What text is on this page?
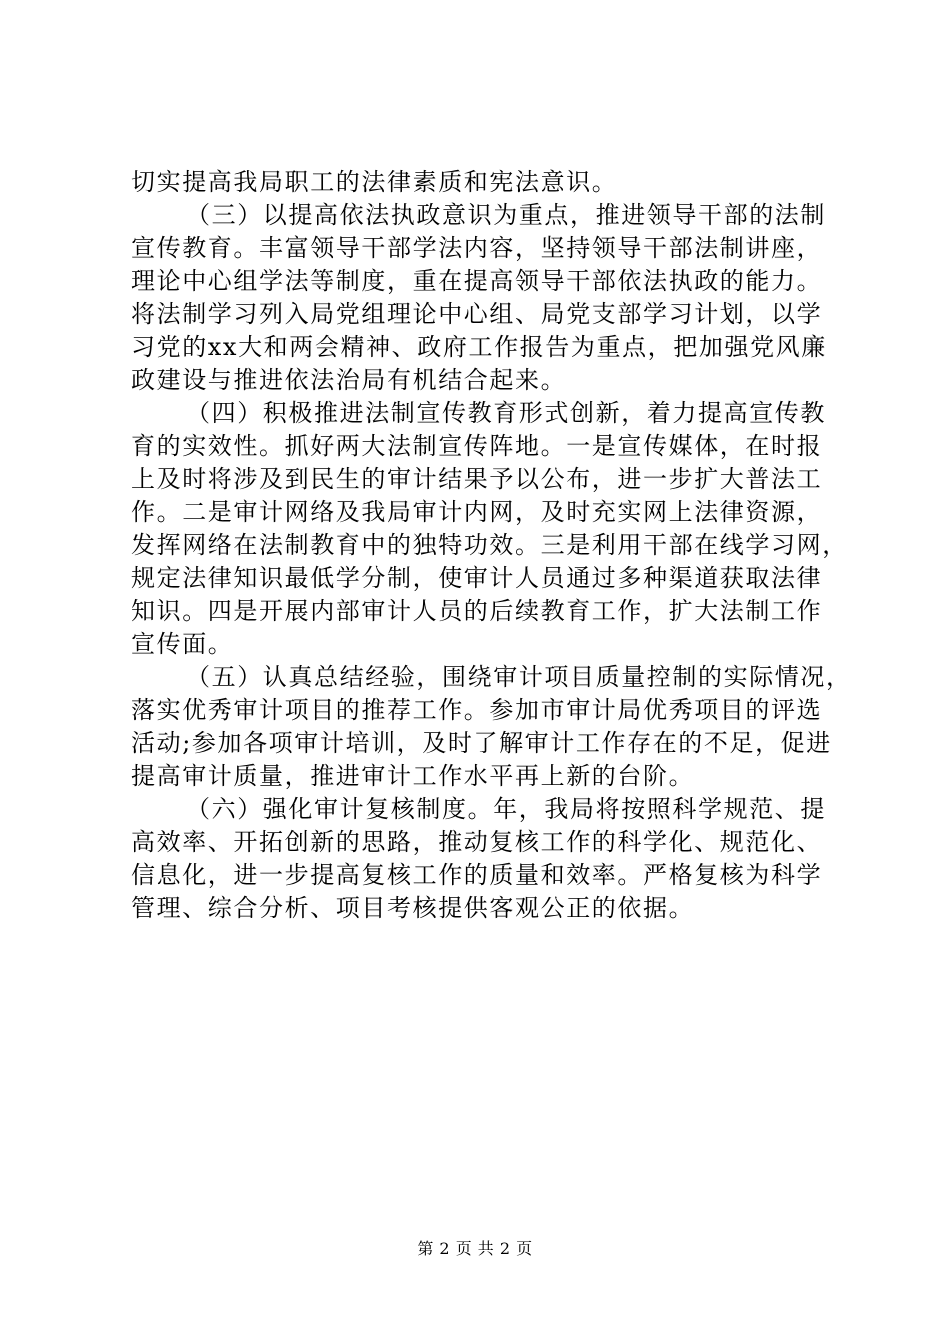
切实提高我局职工的法律素质和宪法意识。
（三）以提高依法执政意识为重点，推进领导干部的法制
宣传教育。丰富领导干部学法内容，坚持领导干部法制讲座，
理论中心组学法等制度，重在提高领导干部依法执政的能力。
将法制学习列入局党组理论中心组、局党支部学习计划，以学
习党的xx大和两会精神、政府工作报告为重点，把加强党风廉
政建设与推进依法治局有机结合起来。
（四）积极推进法制宣传教育形式创新，着力提高宣传教
育的实效性。抓好两大法制宣传阵地。一是宣传媒体，在时报
上及时将涉及到民生的审计结果予以公布，进一步扩大普法工
作。二是审计网络及我局审计内网，及时充实网上法律资源，
发挥网络在法制教育中的独特功效。三是利用干部在线学习网，
规定法律知识最低学分制，使审计人员通过多种渠道获取法律
知识。四是开展内部审计人员的后续教育工作，扩大法制工作
宣传面。
（五）认真总结经验，围绕审计项目质量控制的实际情况，
落实优秀审计项目的推荐工作。参加市审计局优秀项目的评选
活动;参加各项审计培训，及时了解审计工作存在的不足，促进
提高审计质量，推进审计工作水平再上新的台阶。
（六）强化审计复核制度。年，我局将按照科学规范、提
高效率、开拓创新的思路，推动复核工作的科学化、规范化、
信息化，进一步提高复核工作的质量和效率。严格复核为科学
管理、综合分析、项目考核提供客观公正的依据。
第 2 页 共 2 页
